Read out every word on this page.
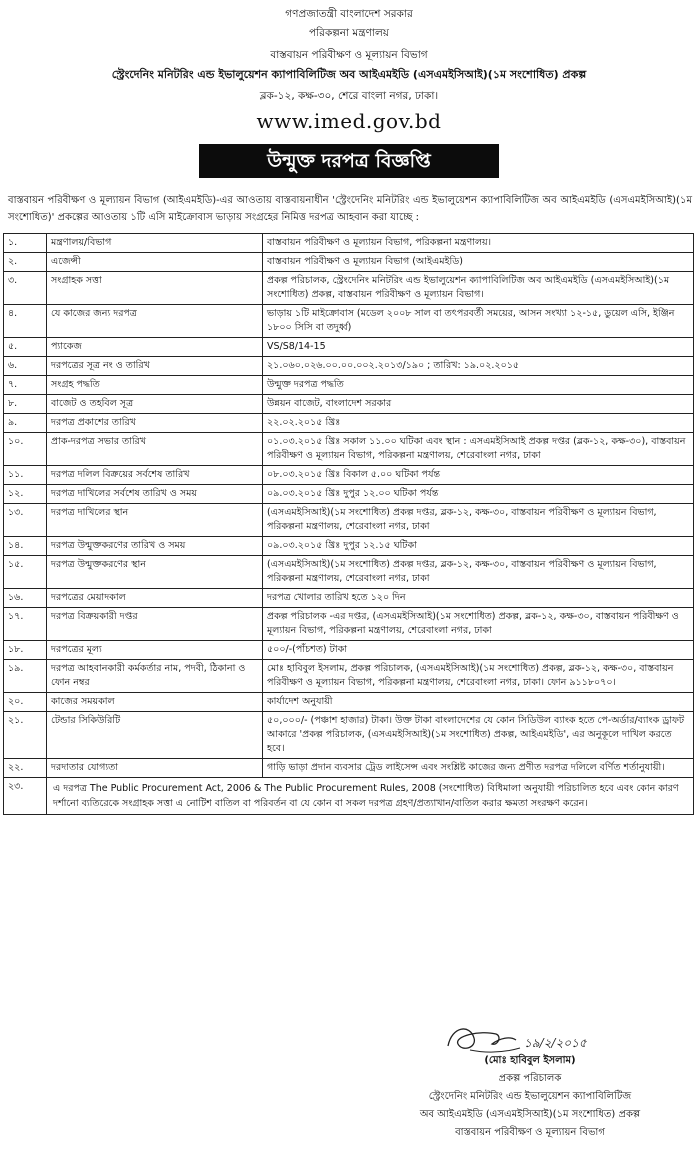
গণপ্রজাতন্ত্রী বাংলাদেশ সরকার
পরিকল্পনা মন্ত্রণালয়
বাস্তবায়ন পরিবীক্ষণ ও মূল্যায়ন বিভাগ
স্ট্রেংদেনিং মনিটরিং এন্ড ইভালুয়েশন ক্যাপাবিলিটিজ অব আইএমইডি (এসএমইসিআই)(১ম সংশোধিত) প্রকল্প
ব্লক-১২, কক্ষ-৩০, শেরে বাংলা নগর, ঢাকা।
www.imed.gov.bd
উন্মুক্ত দরপত্র বিজ্ঞপ্তি
বাস্তবায়ন পরিবীক্ষণ ও মূল্যায়ন বিভাগ (আইএমইডি)-এর আওতায় বাস্তবায়নাধীন 'স্ট্রেংদেনিং মনিটরিং এন্ড ইভালুয়েশন ক্যাপাবিলিটিজ অব আইএমইডি (এসএমইসিআই)(১ম সংশোধিত)' প্রকল্পের আওতায় ১টি এসি মাইক্রোবাস ভাড়ায় সংগ্রহের নিমিত্ত দরপত্র আহবান করা যাচ্ছে :
১.	মন্ত্রণালয়/বিভাগ	বাস্তবায়ন পরিবীক্ষণ ও মূল্যায়ন বিভাগ, পরিকল্পনা মন্ত্রণালয়।
২.	এজেন্সী	বাস্তবায়ন পরিবীক্ষণ ও মূল্যায়ন বিভাগ (আইএমইডি)
৩.	সংগ্রাহক সত্তা	প্রকল্প পরিচালক, স্ট্রেংদেনিং মনিটরিং এন্ড ইভালুয়েশন ক্যাপাবিলিটিজ অব আইএমইডি (এসএমইসিআই)(১ম সংশোধিত) প্রকল্প, বাস্তবায়ন পরিবীক্ষণ ও মূল্যায়ন বিভাগ।
৪.	যে কাজের জন্য দরপত্র	ভাড়ায় ১টি মাইক্রোবাস (মডেল ২০০৮ সাল বা তৎপরবর্তী সময়ের, আসন সংখ্যা ১২-১৫, ডুয়েল এসি, ইঞ্জিন ১৮০০ সিসি বা তদুর্ধ্ব)
৫.	প্যাকেজ	VS/S8/14-15
৬.	দরপত্রের সূত্র নং ও তারিখ	২১.০৬০.০২৬.০০.০০.০০২.২০১৩/১৯০ ; তারিখ: ১৯.০২.২০১৫
৭.	সংগ্রহ পদ্ধতি	উন্মুক্ত দরপত্র পদ্ধতি
৮.	বাজেট ও তহবিল সূত্র	উন্নয়ন বাজেট, বাংলাদেশ সরকার
৯.	দরপত্র প্রকাশের তারিখ	২২.০২.২০১৫ খ্রিঃ
১০.	প্রাক-দরপত্র সভার তারিখ	০১.০৩.২০১৫ খ্রিঃ সকাল ১১.০০ ঘটিকা এবং স্থান : এসএমইসিআই প্রকল্প দপ্তর (ব্লক-১২, কক্ষ-৩০), বাস্তবায়ন পরিবীক্ষণ ও মূল্যায়ন বিভাগ, পরিকল্পনা মন্ত্রণালয়, শেরেবাংলা নগর, ঢাকা
১১.	দরপত্র দলিল বিক্রয়ের সর্বশেষ তারিখ	০৮.০৩.২০১৫ খ্রিঃ বিকাল ৫.০০ ঘটিকা পর্যন্ত
১২.	দরপত্র দাখিলের সর্বশেষ তারিখ ও সময়	০৯.০৩.২০১৫ খ্রিঃ দুপুর ১২.০০ ঘটিকা পর্যন্ত
১৩.	দরপত্র দাখিলের স্থান	(এসএমইসিআই)(১ম সংশোধিত) প্রকল্প দপ্তর, ব্লক-১২, কক্ষ-৩০, বাস্তবায়ন পরিবীক্ষণ ও মূল্যায়ন বিভাগ, পরিকল্পনা মন্ত্রণালয়, শেরেবাংলা নগর, ঢাকা
১৪.	দরপত্র উন্মুক্তকরণের তারিখ ও সময়	০৯.০৩.২০১৫ খ্রিঃ দুপুর ১২.১৫ ঘটিকা
১৫.	দরপত্র উন্মুক্তকরণের স্থান	(এসএমইসিআই)(১ম সংশোধিত) প্রকল্প দপ্তর, ব্লক-১২, কক্ষ-৩০, বাস্তবায়ন পরিবীক্ষণ ও মূল্যায়ন বিভাগ, পরিকল্পনা মন্ত্রণালয়, শেরেবাংলা নগর, ঢাকা
১৬.	দরপত্রের মেয়াদকাল	দরপত্র খোলার তারিখ হতে ১২০ দিন
১৭.	দরপত্র বিক্রয়কারী দপ্তর	প্রকল্প পরিচালক -এর দপ্তর, (এসএমইসিআই)(১ম সংশোধিত) প্রকল্প, ব্লক-১২, কক্ষ-৩০, বাস্তবায়ন পরিবীক্ষণ ও মূল্যায়ন বিভাগ, পরিকল্পনা মন্ত্রণালয়, শেরেবাংলা নগর, ঢাকা
১৮.	দরপত্রের মূল্য	৫০০/-(পাঁচশত) টাকা
১৯.	দরপত্র আহবানকারী কর্মকর্তার নাম, পদবী, ঠিকানা ও ফোন নম্বর	মোঃ হাবিবুল ইসলাম, প্রকল্প পরিচালক, (এসএমইসিআই)(১ম সংশোধিত) প্রকল্প, ব্লক-১২, কক্ষ-৩০, বাস্তবায়ন পরিবীক্ষণ ও মূল্যায়ন বিভাগ, পরিকল্পনা মন্ত্রণালয়, শেরেবাংলা নগর, ঢাকা। ফোন ৯১১৮০৭০।
২০.	কাজের সময়কাল	কার্যাদেশ অনুযায়ী
২১.	টেন্ডার সিকিউরিটি	৫০,০০০/- (পঞ্চাশ হাজার) টাকা। উক্ত টাকা বাংলাদেশের যে কোন সিডিউল ব্যাংক হতে পে-অর্ডার/ব্যাংক ড্রাফট আকারে 'প্রকল্প পরিচালক, (এসএমইসিআই)(১ম সংশোধিত) প্রকল্প, আইএমইডি', এর অনুকূলে দাখিল করতে হবে।
২২.	দরদাতার যোগ্যতা	গাড়ি ভাড়া প্রদান ব্যবসার ট্রেড লাইসেন্স এবং সংশ্লিষ্ট কাজের জন্য প্রণীত দরপত্র দলিলে বর্ণিত শর্তানুযায়ী।
২৩.	এ দরপত্র The Public Procurement Act, 2006 & The Public Procurement Rules, 2008 (সংশোধিত) বিধিমালা অনুযায়ী পরিচালিত হবে এবং কোন কারণ দর্শানো ব্যতিরেকে সংগ্রাহক সত্তা এ নোটিশ বাতিল বা পরিবর্তন বা যে কোন বা সকল দরপত্র গ্রহণ/প্রত্যাখান/বাতিল করার ক্ষমতা সংরক্ষণ করেন।	
১৯/২/২০১৫
(মোঃ হাবিবুল ইসলাম)
প্রকল্প পরিচালক
স্ট্রেংদেনিং মনিটরিং এন্ড ইভালুয়েশন ক্যাপাবিলিটিজ
অব আইএমইডি (এসএমইসিআই)(১ম সংশোধিত) প্রকল্প
বাস্তবায়ন পরিবীক্ষণ ও মূল্যায়ন বিভাগ
